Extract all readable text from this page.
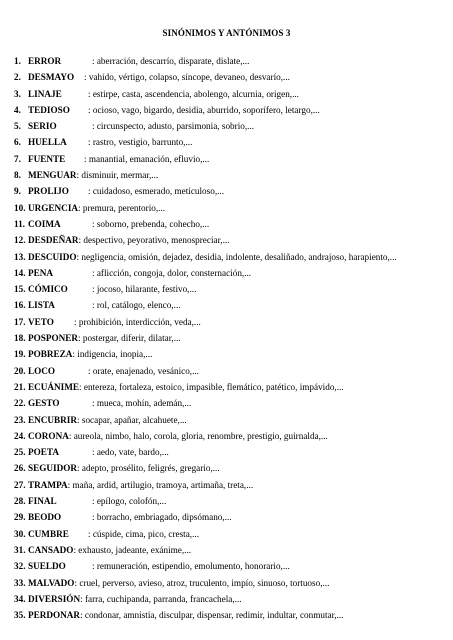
SINÓNIMOS Y ANTÓNIMOS 3
1. ERROR	: aberración, descarrío, disparate, dislate,...
2. DESMAYO : vahído, vértigo, colapso, síncope, devaneo, desvarío,...
3. LINAJE	: estirpe, casta, ascendencia, abolengo, alcurnia, origen,...
4. TEDIOSO : ocioso, vago, bigardo, desidia, aburrido, soporífero, letargo,...
5. SERIO	: circunspecto, adusto, parsimonia, sobrio,...
6. HUELLA : rastro, vestigio, barrunto,...
7. FUENTE : manantial, emanación, efluvio,...
8. MENGUAR: disminuir, mermar,...
9. PROLIJO : cuidadoso, esmerado, meticuloso,...
10. URGENCIA: premura, perentorio,...
11. COIMA	: soborno, prebenda, cohecho,...
12. DESDEÑAR: despectivo, peyorativo, menospreciar,...
13. DESCUIDO: negligencia, omisión, dejadez, desidia, indolente, desaliñado, andrajoso, harapiento,...
14. PENA	: aflicción, congoja, dolor, consternación,...
15. CÓMICO	: jocoso, hilarante, festivo,...
16. LISTA	: rol, catálogo, elenco,...
17. VETO : prohibición, interdicción, veda,...
18. POSPONER: postergar, diferir, dilatar,...
19. POBREZA: indigencia, inopia,...
20. LOCO	: orate, enajenado, vesánico,...
21. ECUÁNIME: entereza, fortaleza, estoico, impasible, flemático, patético, impávido,...
22. GESTO	: mueca, mohín, ademán,...
23. ENCUBRIR: socapar, apañar, alcahuete,...
24. CORONA: aureola, nimbo, halo, corola, gloria, renombre, prestigio, guirnalda,...
25. POETA	: aedo, vate, bardo,...
26. SEGUIDOR: adepto, prosélito, feligrés, gregario,...
27. TRAMPA: maña, ardid, artilugio, tramoya, artimaña, treta,...
28. FINAL	: epílogo, colofón,...
29. BEODO	: borracho, embriagado, dipsómano,...
30. CUMBRE : cúspide, cima, pico, cresta,...
31. CANSADO: exhausto, jadeante, exánime,...
32. SUELDO	: remuneración, estipendio, emolumento, honorario,...
33. MALVADO: cruel, perverso, avieso, atroz, truculento, impío, sinuoso, tortuoso,...
34. DIVERSIÓN: farra, cuchipanda, parranda, francachela,...
35. PERDONAR: condonar, amnistía, disculpar, dispensar, redimir, indultar, conmutar,...
